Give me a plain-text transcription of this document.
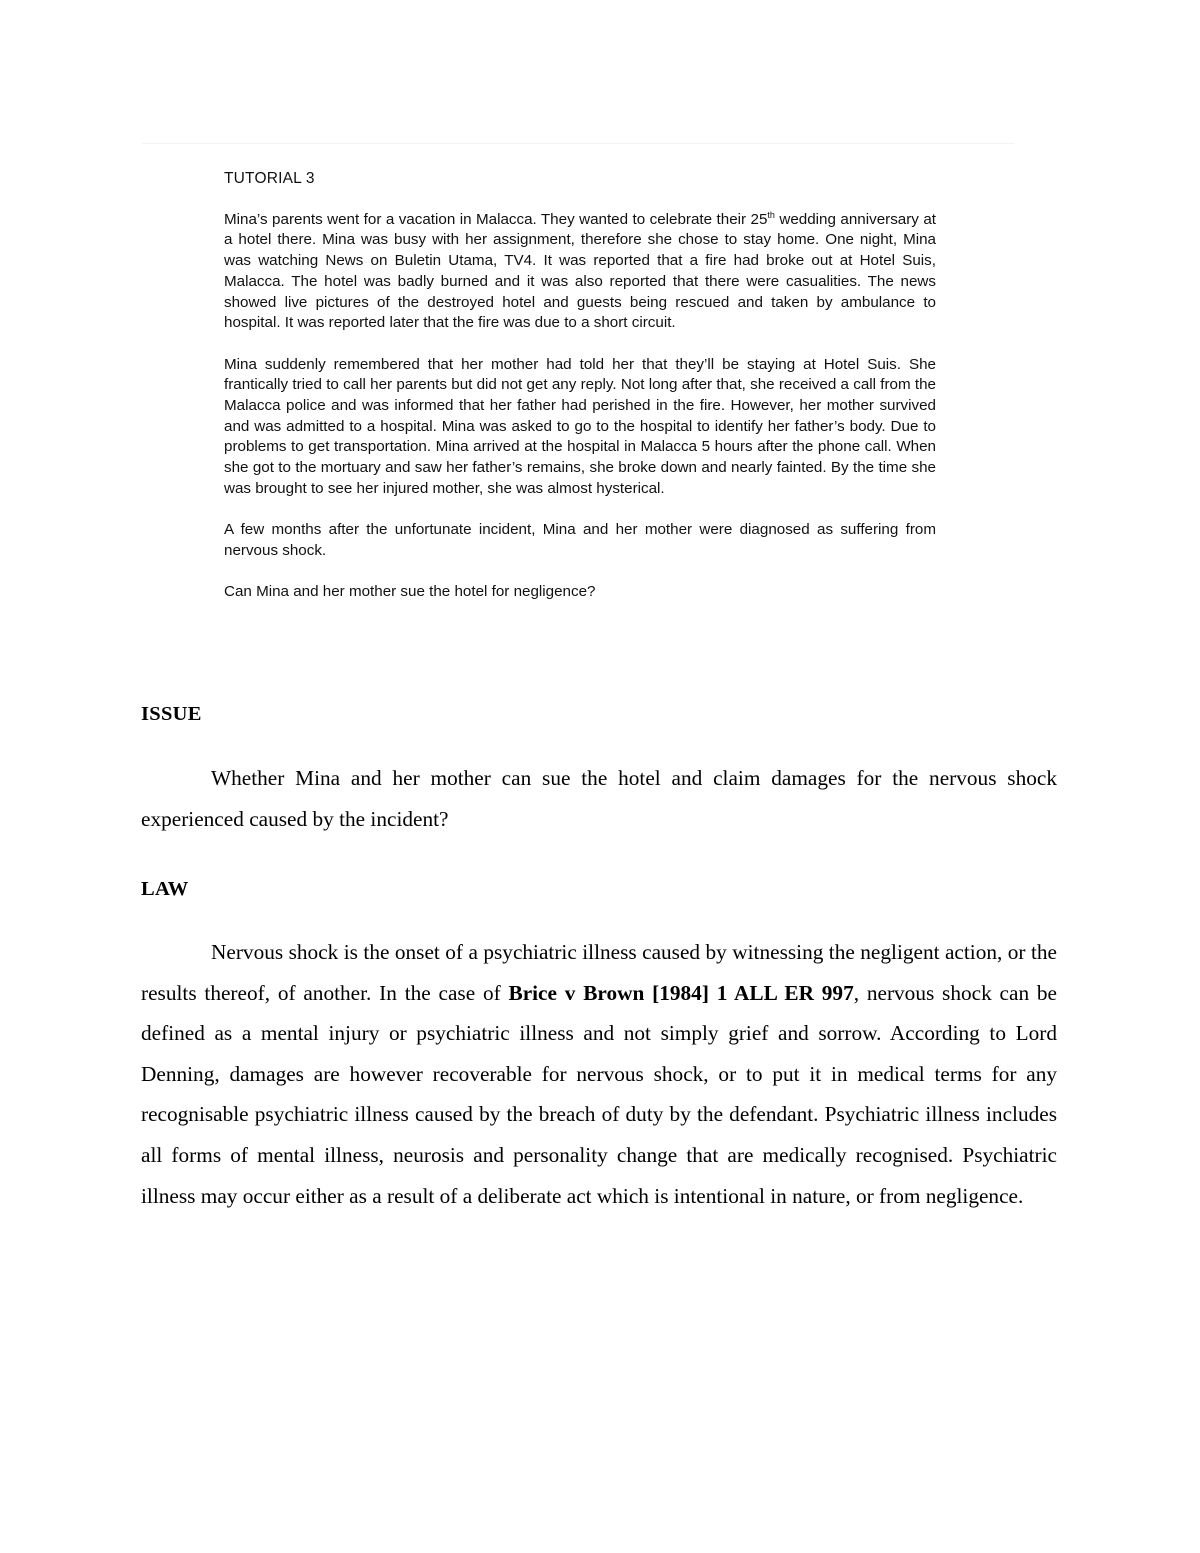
TUTORIAL 3

Mina’s parents went for a vacation in Malacca. They wanted to celebrate their 25th wedding anniversary at a hotel there. Mina was busy with her assignment, therefore she chose to stay home. One night, Mina was watching News on Buletin Utama, TV4. It was reported that a fire had broke out at Hotel Suis, Malacca. The hotel was badly burned and it was also reported that there were casualities. The news showed live pictures of the destroyed hotel and guests being rescued and taken by ambulance to hospital. It was reported later that the fire was due to a short circuit.

Mina suddenly remembered that her mother had told her that they’ll be staying at Hotel Suis. She frantically tried to call her parents but did not get any reply. Not long after that, she received a call from the Malacca police and was informed that her father had perished in the fire. However, her mother survived and was admitted to a hospital. Mina was asked to go to the hospital to identify her father’s body. Due to problems to get transportation. Mina arrived at the hospital in Malacca 5 hours after the phone call. When she got to the mortuary and saw her father’s remains, she broke down and nearly fainted. By the time she was brought to see her injured mother, she was almost hysterical.

A few months after the unfortunate incident, Mina and her mother were diagnosed as suffering from nervous shock.

Can Mina and her mother sue the hotel for negligence?

ISSUE

Whether Mina and her mother can sue the hotel and claim damages for the nervous shock experienced caused by the incident?

LAW

Nervous shock is the onset of a psychiatric illness caused by witnessing the negligent action, or the results thereof, of another. In the case of Brice v Brown [1984] 1 ALL ER 997, nervous shock can be defined as a mental injury or psychiatric illness and not simply grief and sorrow. According to Lord Denning, damages are however recoverable for nervous shock, or to put it in medical terms for any recognisable psychiatric illness caused by the breach of duty by the defendant. Psychiatric illness includes all forms of mental illness, neurosis and personality change that are medically recognised. Psychiatric illness may occur either as a result of a deliberate act which is intentional in nature, or from negligence.
